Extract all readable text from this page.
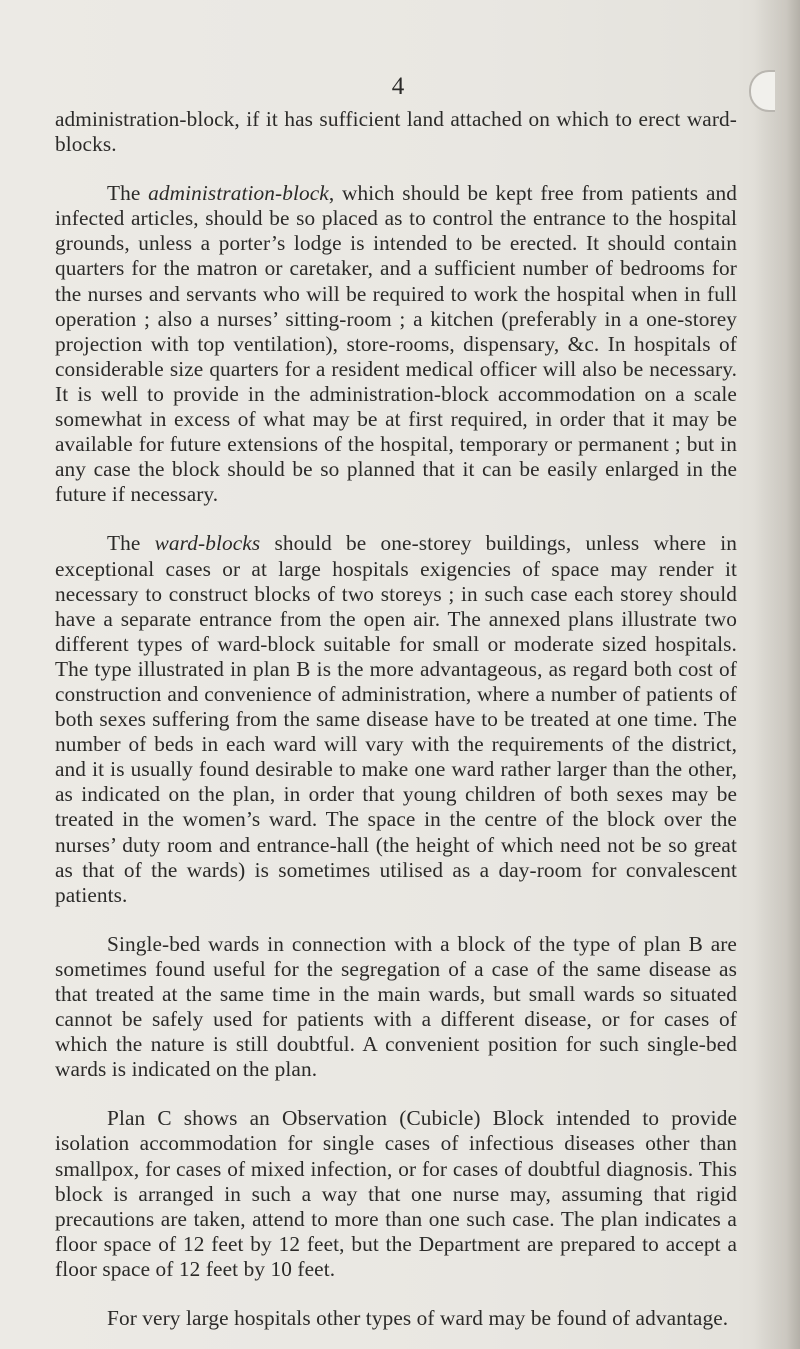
4

administration-block, if it has sufficient land attached on which to erect ward-blocks.

The administration-block, which should be kept free from patients and infected articles, should be so placed as to control the entrance to the hospital grounds, unless a porter’s lodge is intended to be erected. It should contain quarters for the matron or caretaker, and a sufficient number of bedrooms for the nurses and servants who will be required to work the hospital when in full operation ; also a nurses’ sitting-room ; a kitchen (preferably in a one-storey projection with top ventilation), store-rooms, dispensary, &c. In hospitals of considerable size quarters for a resident medical officer will also be necessary. It is well to provide in the administration-block accommodation on a scale somewhat in excess of what may be at first required, in order that it may be available for future extensions of the hospital, temporary or permanent ; but in any case the block should be so planned that it can be easily enlarged in the future if necessary.

The ward-blocks should be one-storey buildings, unless where in exceptional cases or at large hospitals exigencies of space may render it necessary to construct blocks of two storeys ; in such case each storey should have a separate entrance from the open air. The annexed plans illustrate two different types of ward-block suitable for small or moderate sized hospitals. The type illustrated in plan B is the more advantageous, as regard both cost of construction and convenience of administration, where a number of patients of both sexes suffering from the same disease have to be treated at one time. The number of beds in each ward will vary with the requirements of the district, and it is usually found desirable to make one ward rather larger than the other, as indicated on the plan, in order that young children of both sexes may be treated in the women’s ward. The space in the centre of the block over the nurses’ duty room and entrance-hall (the height of which need not be so great as that of the wards) is sometimes utilised as a day-room for convalescent patients.

Single-bed wards in connection with a block of the type of plan B are sometimes found useful for the segregation of a case of the same disease as that treated at the same time in the main wards, but small wards so situated cannot be safely used for patients with a different disease, or for cases of which the nature is still doubtful. A convenient position for such single-bed wards is indicated on the plan.

Plan C shows an Observation (Cubicle) Block intended to provide isolation accommodation for single cases of infectious diseases other than smallpox, for cases of mixed infection, or for cases of doubtful diagnosis. This block is arranged in such a way that one nurse may, assuming that rigid precautions are taken, attend to more than one such case. The plan indicates a floor space of 12 feet by 12 feet, but the Department are prepared to accept a floor space of 12 feet by 10 feet.

For very large hospitals other types of ward may be found of advantage.
